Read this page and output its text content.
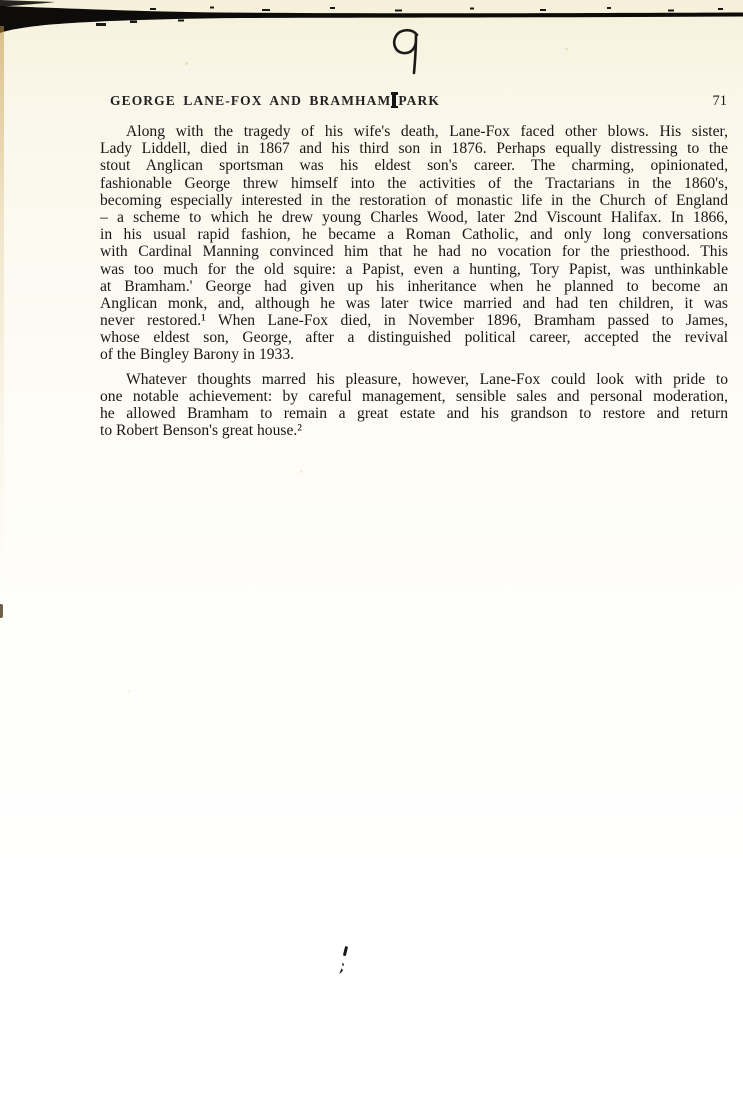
GEORGE LANE-FOX AND BRAMHAM PARK	71
Along with the tragedy of his wife's death, Lane-Fox faced other blows. His sister,
Lady Liddell, died in 1867 and his third son in 1876. Perhaps equally distressing to the
stout Anglican sportsman was his eldest son's career. The charming, opinionated,
fashionable George threw himself into the activities of the Tractarians in the 1860's,
becoming especially interested in the restoration of monastic life in the Church of England
– a scheme to which he drew young Charles Wood, later 2nd Viscount Halifax. In 1866,
in his usual rapid fashion, he became a Roman Catholic, and only long conversations
with Cardinal Manning convinced him that he had no vocation for the priesthood. This
was too much for the old squire: a Papist, even a hunting, Tory Papist, was unthinkable
at Bramham.' George had given up his inheritance when he planned to become an
Anglican monk, and, although he was later twice married and had ten children, it was
never restored.¹ When Lane-Fox died, in November 1896, Bramham passed to James,
whose eldest son, George, after a distinguished political career, accepted the revival
of the Bingley Barony in 1933.
Whatever thoughts marred his pleasure, however, Lane-Fox could look with pride to
one notable achievement: by careful management, sensible sales and personal moderation,
he allowed Bramham to remain a great estate and his grandson to restore and return
to Robert Benson's great house.²
